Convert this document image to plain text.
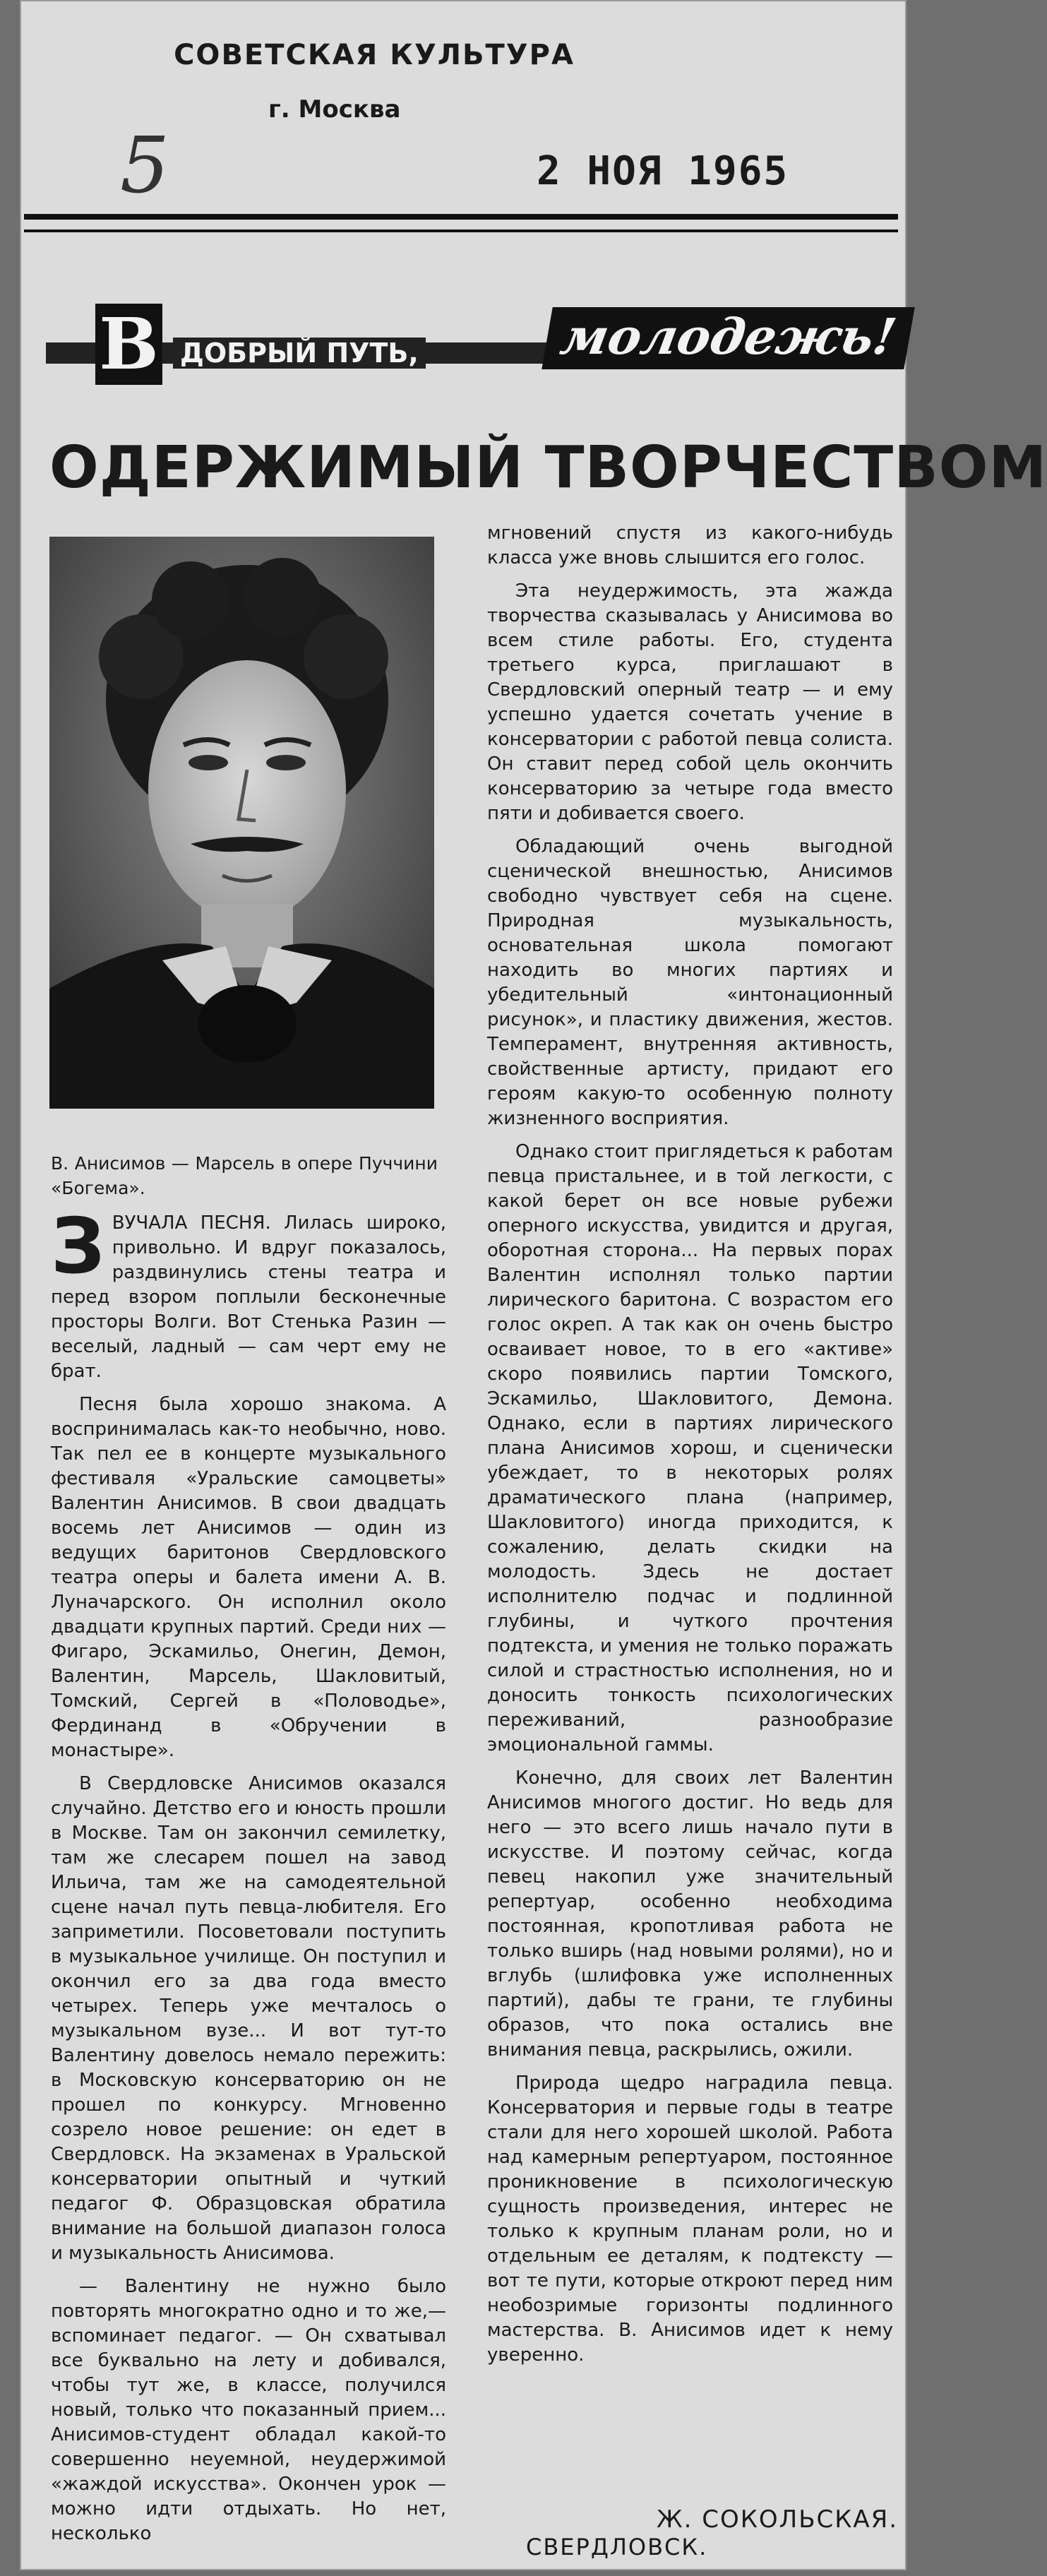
СОВЕТСКАЯ КУЛЬТУРА
г. Москва
5	2 НОЯ 1965
В ДОБРЫЙ ПУТЬ,	молодежь!
ОДЕРЖИМЫЙ ТВОРЧЕСТВОМ
В. Анисимов — Марсель в опере Пуччини «Богема».

ЗВУЧАЛА ПЕСНЯ. Лилась широко, привольно. И вдруг показалось, раздвинулись стены театра и перед взором поплыли бесконечные просторы Волги. Вот Стенька Разин — веселый, ладный — сам черт ему не брат.

Песня была хорошо знакома. А воспринималась как-то необычно, ново. Так пел ее в концерте музыкального фестиваля «Уральские самоцветы» Валентин Анисимов. В свои двадцать восемь лет Анисимов — один из ведущих баритонов Свердловского театра оперы и балета имени А. В. Луначарского. Он исполнил около двадцати крупных партий. Среди них — Фигаро, Эскамильо, Онегин, Демон, Валентин, Марсель, Шакловитый, Томский, Сергей в «Половодье», Фердинанд в «Обручении в монастыре».

В Свердловске Анисимов оказался случайно. Детство его и юность прошли в Москве. Там он закончил семилетку, там же слесарем пошел на завод Ильича, там же на самодеятельной сцене начал путь певца-любителя. Его заприметили. Посоветовали поступить в музыкальное училище. Он поступил и окончил его за два года вместо четырех. Теперь уже мечталось о музыкальном вузе... И вот тут-то Валентину довелось немало пережить: в Московскую консерваторию он не прошел по конкурсу. Мгновенно созрело новое решение: он едет в Свердловск. На экзаменах в Уральской консерватории опытный и чуткий педагог Ф. Образцовская обратила внимание на большой диапазон голоса и музыкальность Анисимова.

— Валентину не нужно было повторять многократно одно и то же,— вспоминает педагог. — Он схватывал все буквально на лету и добивался, чтобы тут же, в классе, получился новый, только что показанный прием... Анисимов-студент обладал какой-то совершенно неуемной, неудержимой «жаждой искусства». Окончен урок — можно идти отдыхать. Но нет, несколько

мгновений спустя из какого-нибудь класса уже вновь слышится его голос.

Эта неудержимость, эта жажда творчества сказывалась у Анисимова во всем стиле работы. Его, студента третьего курса, приглашают в Свердловский оперный театр — и ему успешно удается сочетать учение в консерватории с работой певца солиста. Он ставит перед собой цель окончить консерваторию за четыре года вместо пяти и добивается своего.

Обладающий очень выгодной сценической внешностью, Анисимов свободно чувствует себя на сцене. Природная музыкальность, основательная школа помогают находить во многих партиях и убедительный «интонационный рисунок», и пластику движения, жестов. Темперамент, внутренняя активность, свойственные артисту, придают его героям какую-то особенную полноту жизненного восприятия.

Однако стоит приглядеться к работам певца пристальнее, и в той легкости, с какой берет он все новые рубежи оперного искусства, увидится и другая, оборотная сторона... На первых порах Валентин исполнял только партии лирического баритона. С возрастом его голос окреп. А так как он очень быстро осваивает новое, то в его «активе» скоро появились партии Томского, Эскамильо, Шакловитого, Демона. Однако, если в партиях лирического плана Анисимов хорош, и сценически убеждает, то в некоторых ролях драматического плана (например, Шакловитого) иногда приходится, к сожалению, делать скидки на молодость. Здесь не достает исполнителю подчас и подлинной глубины, и чуткого прочтения подтекста, и умения не только поражать силой и страстностью исполнения, но и доносить тонкость психологических переживаний, разнообразие эмоциональной гаммы.

Конечно, для своих лет Валентин Анисимов многого достиг. Но ведь для него — это всего лишь начало пути в искусстве. И поэтому сейчас, когда певец накопил уже значительный репертуар, особенно необходима постоянная, кропотливая работа не только вширь (над новыми ролями), но и вглубь (шлифовка уже исполненных партий), дабы те грани, те глубины образов, что пока остались вне внимания певца, раскрылись, ожили.

Природа щедро наградила певца. Консерватория и первые годы в театре стали для него хорошей школой. Работа над камерным репертуаром, постоянное проникновение в психологическую сущность произведения, интерес не только к крупным планам роли, но и отдельным ее деталям, к подтексту — вот те пути, которые откроют перед ним необозримые горизонты подлинного мастерства. В. Анисимов идет к нему уверенно.

Ж. СОКОЛЬСКАЯ.
СВЕРДЛОВСК.
